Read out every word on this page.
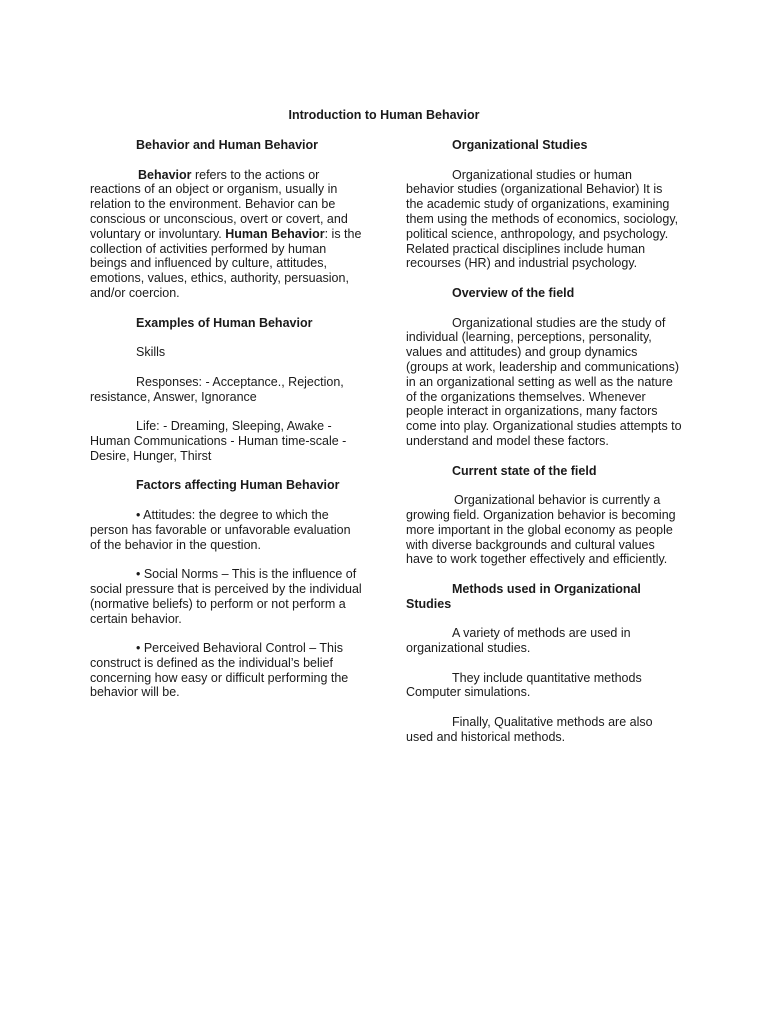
Introduction to Human Behavior
Behavior and Human Behavior
Behavior refers to the actions or reactions of an object or organism, usually in relation to the environment. Behavior can be conscious or unconscious, overt or covert, and voluntary or involuntary. Human Behavior: is the collection of activities performed by human beings and influenced by culture, attitudes, emotions, values, ethics, authority, persuasion, and/or coercion.
Examples of Human Behavior
Skills
Responses: - Acceptance., Rejection, resistance, Answer, Ignorance
Life: - Dreaming, Sleeping, Awake - Human Communications - Human time-scale - Desire, Hunger, Thirst
Factors affecting Human Behavior
• Attitudes: the degree to which the person has favorable or unfavorable evaluation of the behavior in the question.
• Social Norms – This is the influence of social pressure that is perceived by the individual (normative beliefs) to perform or not perform a certain behavior.
• Perceived Behavioral Control – This construct is defined as the individual’s belief concerning how easy or difficult performing the behavior will be.
Organizational Studies
Organizational studies or human behavior studies (organizational Behavior) It is the academic study of organizations, examining them using the methods of economics, sociology, political science, anthropology, and psychology. Related practical disciplines include human recourses (HR) and industrial psychology.
Overview of the field
Organizational studies are the study of individual (learning, perceptions, personality, values and attitudes) and group dynamics (groups at work, leadership and communications) in an organizational setting as well as the nature of the organizations themselves. Whenever people interact in organizations, many factors come into play. Organizational studies attempts to understand and model these factors.
Current state of the field
Organizational behavior is currently a growing field. Organization behavior is becoming more important in the global economy as people with diverse backgrounds and cultural values have to work together effectively and efficiently.
Methods used in Organizational Studies
A variety of methods are used in organizational studies.
They include quantitative methods Computer simulations.
Finally, Qualitative methods are also used and historical methods.
